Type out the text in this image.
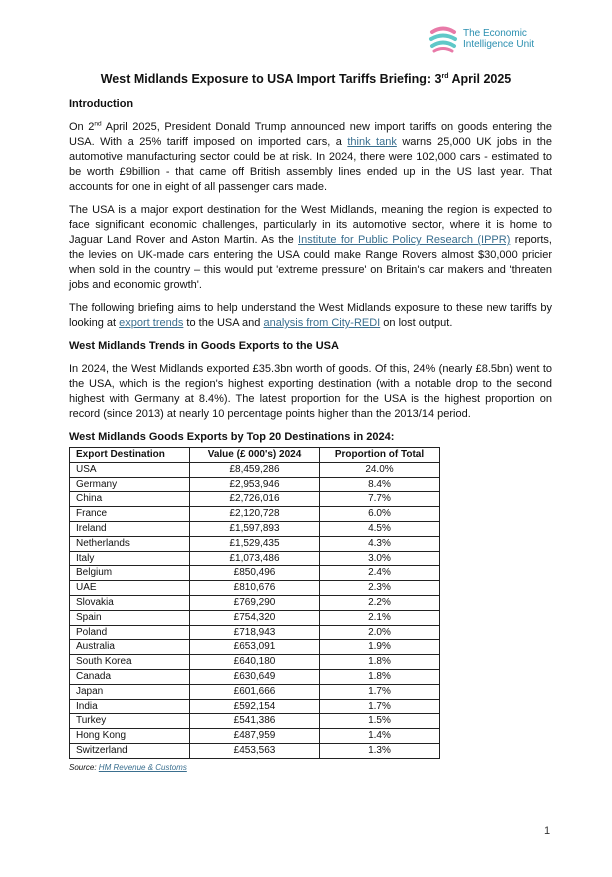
The Economic
Intelligence Unit
West Midlands Exposure to USA Import Tariffs Briefing: 3rd April 2025
Introduction

On 2nd April 2025, President Donald Trump announced new import tariffs on goods entering the USA. With a 25% tariff imposed on imported cars, a think tank warns 25,000 UK jobs in the automotive manufacturing sector could be at risk. In 2024, there were 102,000 cars - estimated to be worth £9billion - that came off British assembly lines ended up in the US last year. That accounts for one in eight of all passenger cars made.

The USA is a major export destination for the West Midlands, meaning the region is expected to face significant economic challenges, particularly in its automotive sector, where it is home to Jaguar Land Rover and Aston Martin. As the Institute for Public Policy Research (IPPR) reports, the levies on UK-made cars entering the USA could make Range Rovers almost $30,000 pricier when sold in the country – this would put 'extreme pressure' on Britain's car makers and 'threaten jobs and economic growth'.

The following briefing aims to help understand the West Midlands exposure to these new tariffs by looking at export trends to the USA and analysis from City-REDI on lost output.

West Midlands Trends in Goods Exports to the USA

In 2024, the West Midlands exported £35.3bn worth of goods. Of this, 24% (nearly £8.5bn) went to the USA, which is the region's highest exporting destination (with a notable drop to the second highest with Germany at 8.4%). The latest proportion for the USA is the highest proportion on record (since 2013) at nearly 10 percentage points higher than the 2013/14 period.

West Midlands Goods Exports by Top 20 Destinations in 2024:
Export Destination	Value (£ 000's) 2024	Proportion of Total
USA	£8,459,286	24.0%
Germany	£2,953,946	8.4%
China	£2,726,016	7.7%
France	£2,120,728	6.0%
Ireland	£1,597,893	4.5%
Netherlands	£1,529,435	4.3%
Italy	£1,073,486	3.0%
Belgium	£850,496	2.4%
UAE	£810,676	2.3%
Slovakia	£769,290	2.2%
Spain	£754,320	2.1%
Poland	£718,943	2.0%
Australia	£653,091	1.9%
South Korea	£640,180	1.8%
Canada	£630,649	1.8%
Japan	£601,666	1.7%
India	£592,154	1.7%
Turkey	£541,386	1.5%
Hong Kong	£487,959	1.4%
Switzerland	£453,563	1.3%
Source: HM Revenue & Customs
1
